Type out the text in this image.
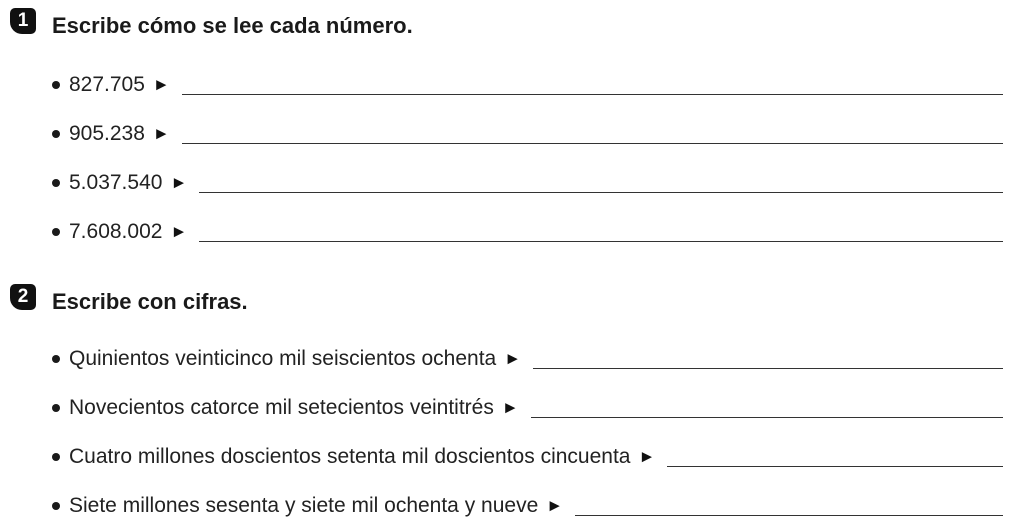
1	Escribe cómo se lee cada número.
827.705 ►
905.238 ►
5.037.540 ►
7.608.002 ►
2	Escribe con cifras.
Quinientos veinticinco mil seiscientos ochenta ►
Novecientos catorce mil setecientos veintitrés ►
Cuatro millones doscientos setenta mil doscientos cincuenta ►
Siete millones sesenta y siete mil ochenta y nueve ►
